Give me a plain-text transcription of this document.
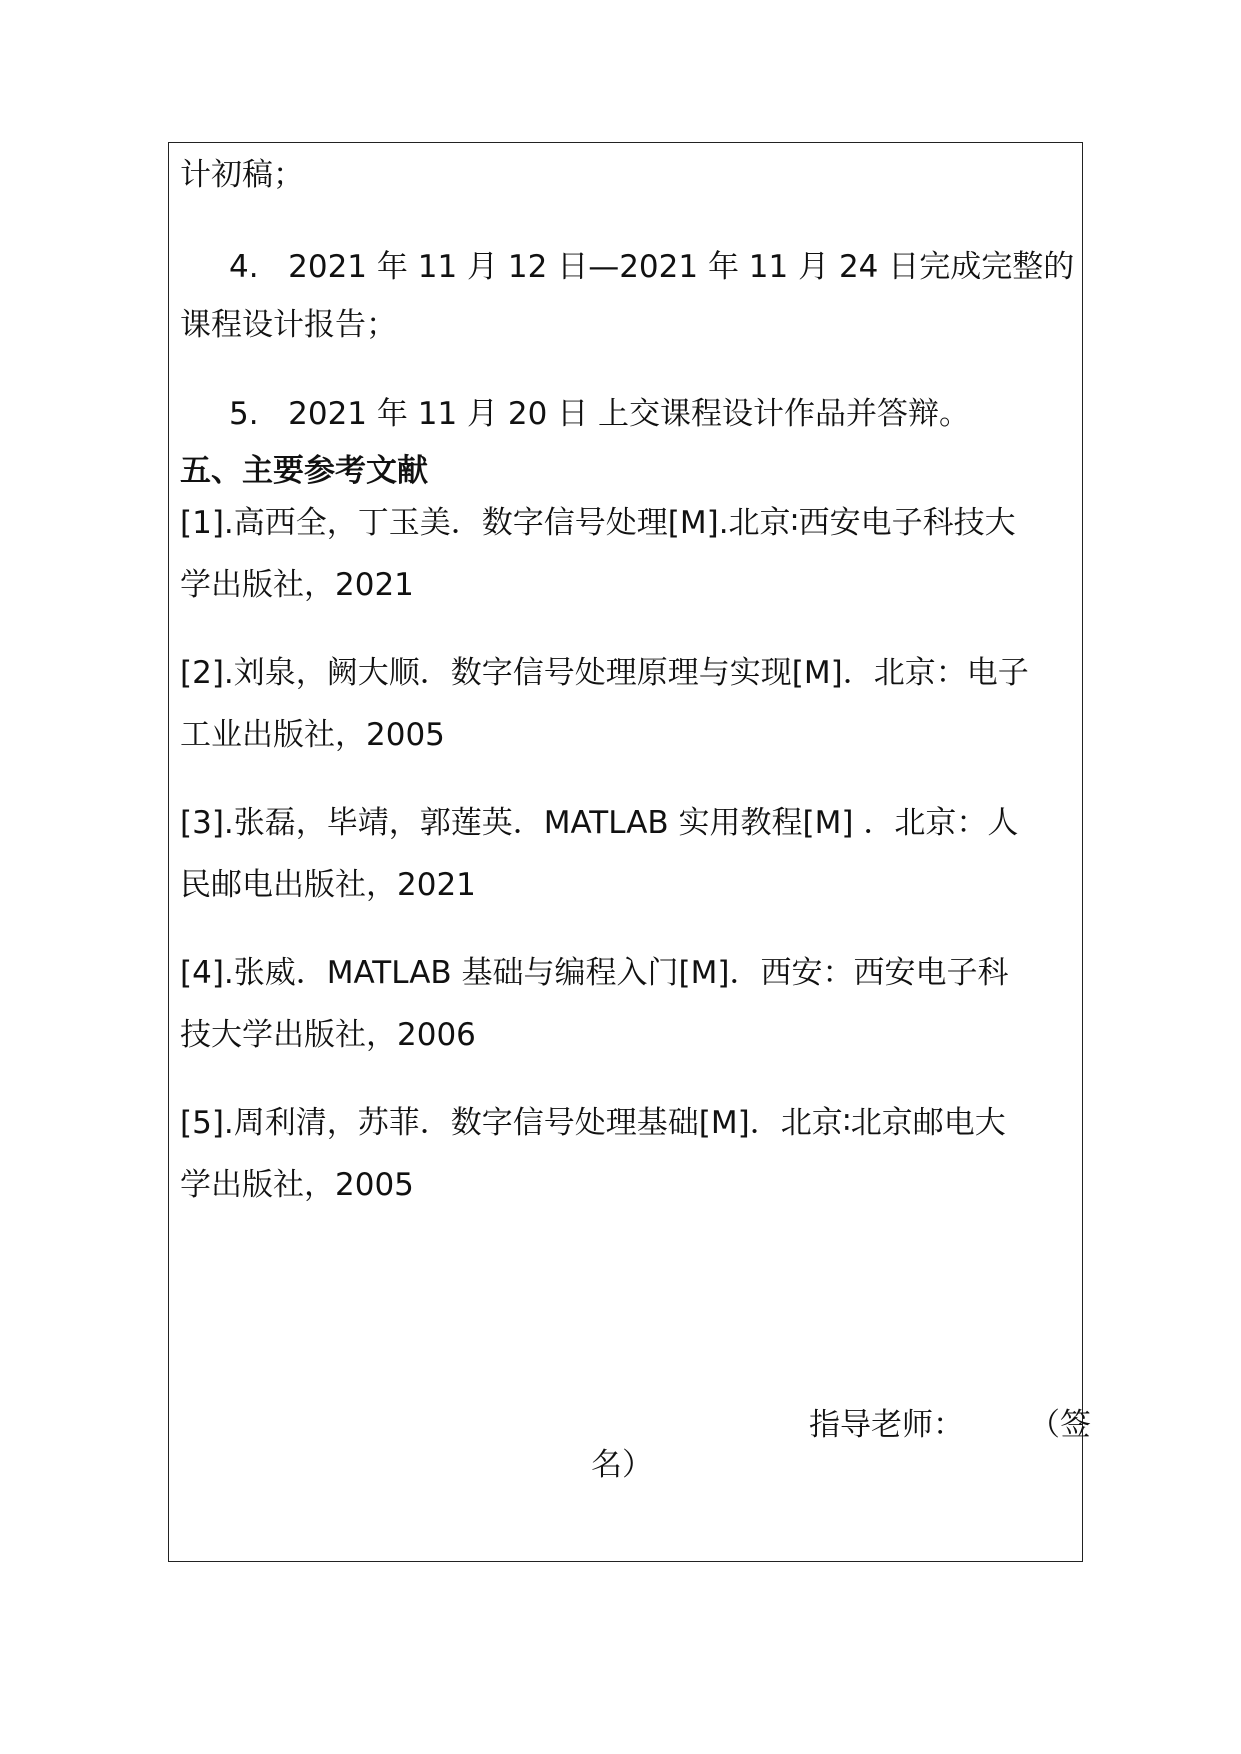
计初稿；
4.   2021 年 11 月 12 日—2021 年 11 月 24 日完成完整的
课程设计报告；
5.   2021 年 11 月 20 日 上交课程设计作品并答辩。
五、主要参考文献
[1].高西全，丁玉美．数字信号处理[M].北京∶西安电子科技大
学出版社，2021
[2].刘泉，阙大顺．数字信号处理原理与实现[M]．北京：电子
工业出版社，2005
[3].张磊，毕靖，郭莲英．MATLAB 实用教程[M] ．北京：人
民邮电出版社，2021
[4].张威．MATLAB 基础与编程入门[M]．西安：西安电子科
技大学出版社，2006
[5].周利清，苏菲．数字信号处理基础[M]．北京∶北京邮电大
学出版社，2005
指导老师： （签
名）
